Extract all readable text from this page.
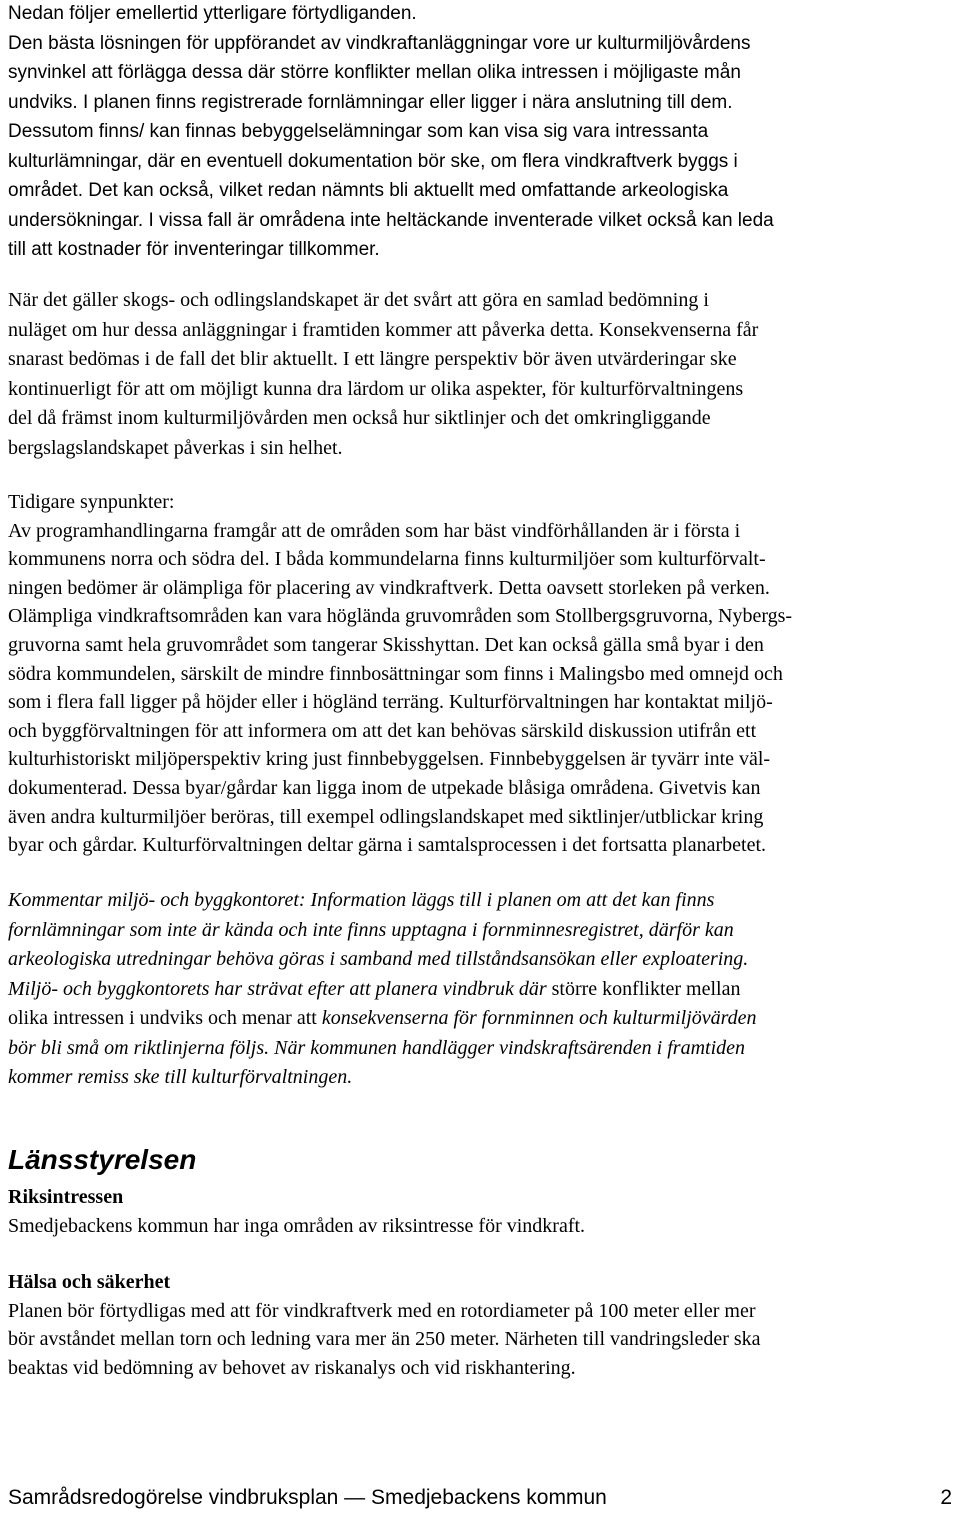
Nedan följer emellertid ytterligare förtydliganden.
Den bästa lösningen för uppförandet av vindkraftanläggningar vore ur kulturmiljövårdens
synvinkel att förlägga dessa där större konflikter mellan olika intressen i möjligaste mån
undviks. I planen finns registrerade fornlämningar eller ligger i nära anslutning till dem.
Dessutom finns/ kan finnas bebyggelselämningar som kan visa sig vara intressanta
kulturlämningar, där en eventuell dokumentation bör ske, om flera vindkraftverk byggs i
området. Det kan också, vilket redan nämnts bli aktuellt med omfattande arkeologiska
undersökningar. I vissa fall är områdena inte heltäckande inventerade vilket också kan leda
till att kostnader för inventeringar tillkommer.
När det gäller skogs- och odlingslandskapet är det svårt att göra en samlad bedömning i
nuläget om hur dessa anläggningar i framtiden kommer att påverka detta. Konsekvenserna får
snarast bedömas i de fall det blir aktuellt. I ett längre perspektiv bör även utvärderingar ske
kontinuerligt för att om möjligt kunna dra lärdom ur olika aspekter, för kulturförvaltningens
del då främst inom kulturmiljövården men också hur siktlinjer och det omkringliggande
bergslagslandskapet påverkas i sin helhet.
Tidigare synpunkter:
Av programhandlingarna framgår att de områden som har bäst vindförhållanden är i första i
kommunens norra och södra del. I båda kommundelarna finns kulturmiljöer som kulturförvalt-
ningen bedömer är olämpliga för placering av vindkraftverk. Detta oavsett storleken på verken.
Olämpliga vindkraftsområden kan vara höglända gruvområden som Stollbergsgruvorna, Nybergs-
gruvorna samt hela gruvområdet som tangerar Skisshyttan. Det kan också gälla små byar i den
södra kommundelen, särskilt de mindre finnbosättningar som finns i Malingsbo med omnejd och
som i flera fall ligger på höjder eller i högländ terräng. Kulturförvaltningen har kontaktat miljö-
och byggförvaltningen för att informera om att det kan behövas särskild diskussion utifrån ett
kulturhistoriskt miljöperspektiv kring just finnbebyggelsen. Finnbebyggelsen är tyvärr inte väl-
dokumenterad. Dessa byar/gårdar kan ligga inom de utpekade blåsiga områdena. Givetvis kan
även andra kulturmiljöer beröras, till exempel odlingslandskapet med siktlinjer/utblickar kring
byar och gårdar. Kulturförvaltningen deltar gärna i samtalsprocessen i det fortsatta planarbetet.
Kommentar miljö- och byggkontoret: Information läggs till i planen om att det kan finns
fornlämningar som inte är kända och inte finns upptagna i fornminnesregistret, därför kan
arkeologiska utredningar behöva göras i samband med tillståndsansökan eller exploatering.
Miljö- och byggkontorets har strävat efter att planera vindbruk där större konflikter mellan
olika intressen i undviks och menar att konsekvenserna för fornminnen och kulturmiljövärden
bör bli små om riktlinjerna följs. När kommunen handlägger vindskraftsärenden i framtiden
kommer remiss ske till kulturförvaltningen.
Länsstyrelsen
Riksintressen
Smedjebackens kommun har inga områden av riksintresse för vindkraft.
Hälsa och säkerhet
Planen bör förtydligas med att för vindkraftverk med en rotordiameter på 100 meter eller mer
bör avståndet mellan torn och ledning vara mer än 250 meter. Närheten till vandringsleder ska
beaktas vid bedömning av behovet av riskanalys och vid riskhantering.
Samrådsredogörelse vindbruksplan — Smedjebackens kommun	2
